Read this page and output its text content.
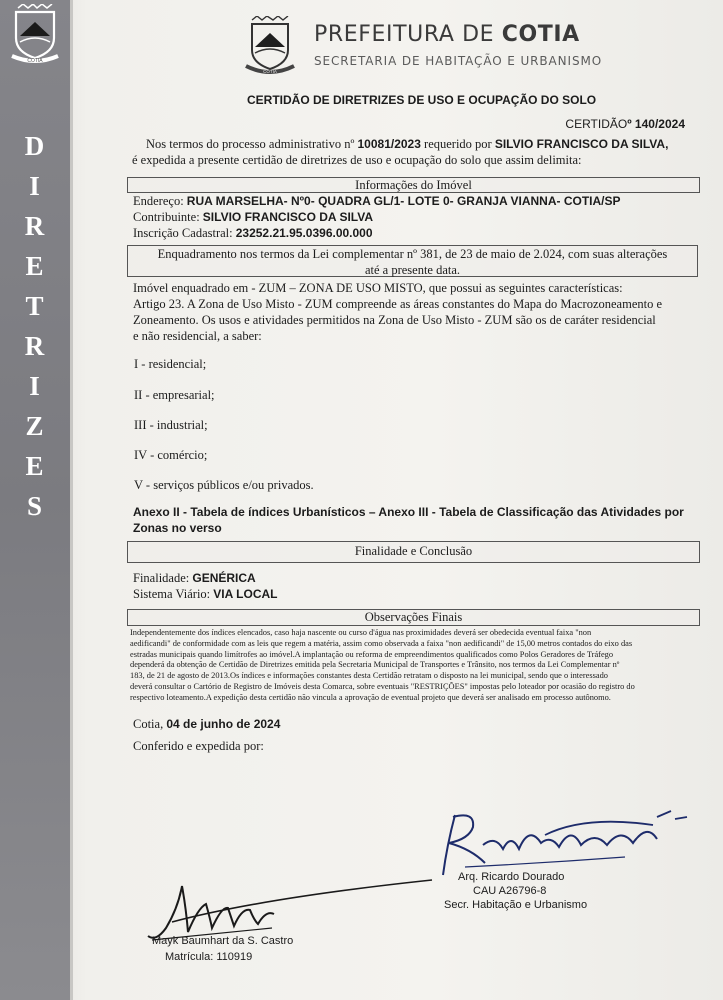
COTIA
D
I
R
E
T
R
I
Z
E
S
COTIA
PREFEITURA DE COTIA
SECRETARIA DE HABITAÇÃO E URBANISMO
CERTIDÃO DE DIRETRIZES DE USO E OCUPAÇÃO DO SOLO
CERTIDÃOº 140/2024
Nos termos do processo administrativo nº 10081/2023 requerido por SILVIO FRANCISCO DA SILVA,
é expedida a presente certidão de diretrizes de uso e ocupação do solo que assim delimita:
Informações do Imóvel
Endereço: RUA MARSELHA- Nº0- QUADRA GL/1- LOTE 0- GRANJA VIANNA- COTIA/SP
Contribuinte: SILVIO FRANCISCO DA SILVA
Inscrição Cadastral: 23252.21.95.0396.00.000
Enquadramento nos termos da Lei complementar nº 381, de 23 de maio de 2.024, com suas alterações
até a presente data.
Imóvel enquadrado em - ZUM – ZONA DE USO MISTO, que possui as seguintes características:
Artigo 23. A Zona de Uso Misto - ZUM compreende as áreas constantes do Mapa do Macrozoneamento e
Zoneamento. Os usos e atividades permitidos na Zona de Uso Misto - ZUM são os de caráter residencial
e não residencial, a saber:
I - residencial;
II - empresarial;
III - industrial;
IV - comércio;
V - serviços públicos e/ou privados.
Anexo II - Tabela de índices Urbanísticos – Anexo III - Tabela de Classificação das Atividades por
Zonas no verso
Finalidade e Conclusão
Finalidade: GENÉRICA
Sistema Viário: VIA LOCAL
Observações Finais
Independentemente dos índices elencados, caso haja nascente ou curso d'água nas proximidades deverá ser obedecida eventual faixa "non
aedificandi" de conformidade com as leis que regem a matéria, assim como observada a faixa "non aedificandi" de 15,00 metros contados do eixo das
estradas municipais quando limítrofes ao imóvel.A implantação ou reforma de empreendimentos qualificados como Polos Geradores de Tráfego
dependerá da obtenção de Certidão de Diretrizes emitida pela Secretaria Municipal de Transportes e Trânsito, nos termos da Lei Complementar nº
183, de 21 de agosto de 2013.Os índices e informações constantes desta Certidão retratam o disposto na lei municipal, sendo que o interessado
deverá consultar o Cartório de Registro de Imóveis desta Comarca, sobre eventuais "RESTRIÇÕES" impostas pelo loteador por ocasião do registro do
respectivo loteamento.A expedição desta certidão não vincula a aprovação de eventual projeto que deverá ser analisado em processo autônomo.
Cotia, 04 de junho de 2024
Conferido e expedida por:
Arq. Ricardo Dourado
CAU A26796-8
Secr. Habitação e Urbanismo
Mayk Baumhart da S. Castro
Matrícula: 110919
